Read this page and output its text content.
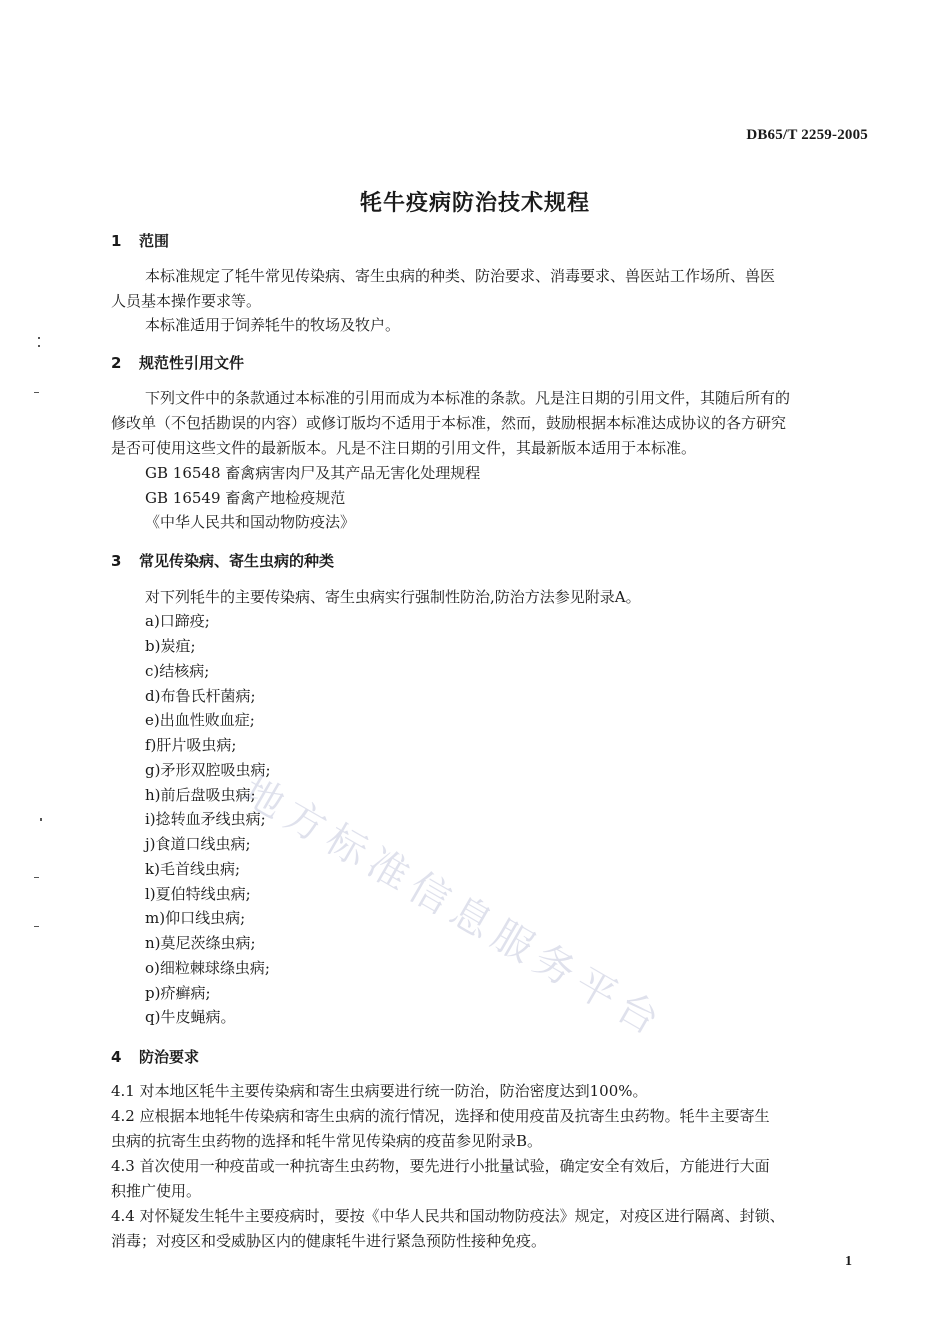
DB65/T 2259-2005
牦牛疫病防治技术规程
1 范围
本标准规定了牦牛常见传染病、寄生虫病的种类、防治要求、消毒要求、兽医站工作场所、兽医
人员基本操作要求等。
本标准适用于饲养牦牛的牧场及牧户。
2 规范性引用文件
下列文件中的条款通过本标准的引用而成为本标准的条款。凡是注日期的引用文件，其随后所有的
修改单（不包括勘误的内容）或修订版均不适用于本标准，然而，鼓励根据本标准达成协议的各方研究
是否可使用这些文件的最新版本。凡是不注日期的引用文件，其最新版本适用于本标准。
GB 16548 畜禽病害肉尸及其产品无害化处理规程
GB 16549 畜禽产地检疫规范
《中华人民共和国动物防疫法》
3 常见传染病、寄生虫病的种类
对下列牦牛的主要传染病、寄生虫病实行强制性防治,防治方法参见附录A。
a)口蹄疫;
b)炭疽;
c)结核病;
d)布鲁氏杆菌病;
e)出血性败血症;
f)肝片吸虫病;
g)矛形双腔吸虫病;
h)前后盘吸虫病;
i)捻转血矛线虫病;
j)食道口线虫病;
k)毛首线虫病;
l)夏伯特线虫病;
m)仰口线虫病;
n)莫尼茨绦虫病;
o)细粒棘球绦虫病;
p)疥癣病;
q)牛皮蝇病。
4 防治要求
4.1 对本地区牦牛主要传染病和寄生虫病要进行统一防治，防治密度达到100%。
4.2 应根据本地牦牛传染病和寄生虫病的流行情况，选择和使用疫苗及抗寄生虫药物。牦牛主要寄生
虫病的抗寄生虫药物的选择和牦牛常见传染病的疫苗参见附录B。
4.3 首次使用一种疫苗或一种抗寄生虫药物，要先进行小批量试验，确定安全有效后，方能进行大面
积推广使用。
4.4 对怀疑发生牦牛主要疫病时，要按《中华人民共和国动物防疫法》规定，对疫区进行隔离、封锁、
消毒；对疫区和受威胁区内的健康牦牛进行紧急预防性接种免疫。
地方标准信息服务平台
1
